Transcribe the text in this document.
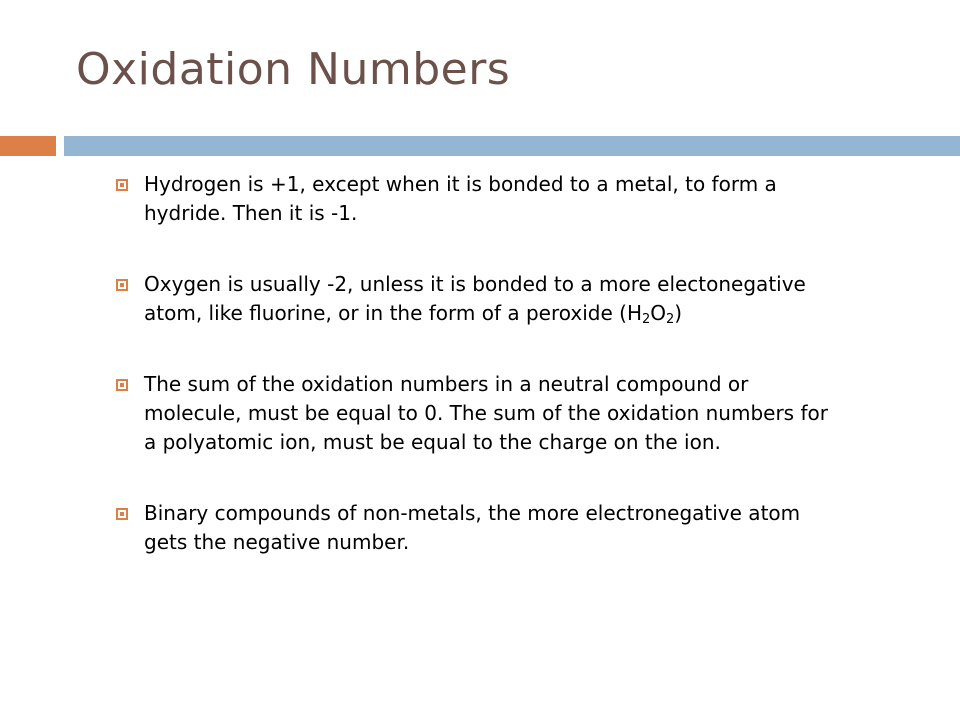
Oxidation Numbers
Hydrogen is +1, except when it is bonded to a metal, to form a hydride. Then it is -1.
Oxygen is usually -2, unless it is bonded to a more electonegative atom, like fluorine, or in the form of a peroxide $(H_2O_2)$
The sum of the oxidation numbers in a neutral compound or molecule, must be equal to 0. The sum of the oxidation numbers for a polyatomic ion, must be equal to the charge on the ion.
Binary compounds of non-metals, the more electronegative atom gets the negative number.
